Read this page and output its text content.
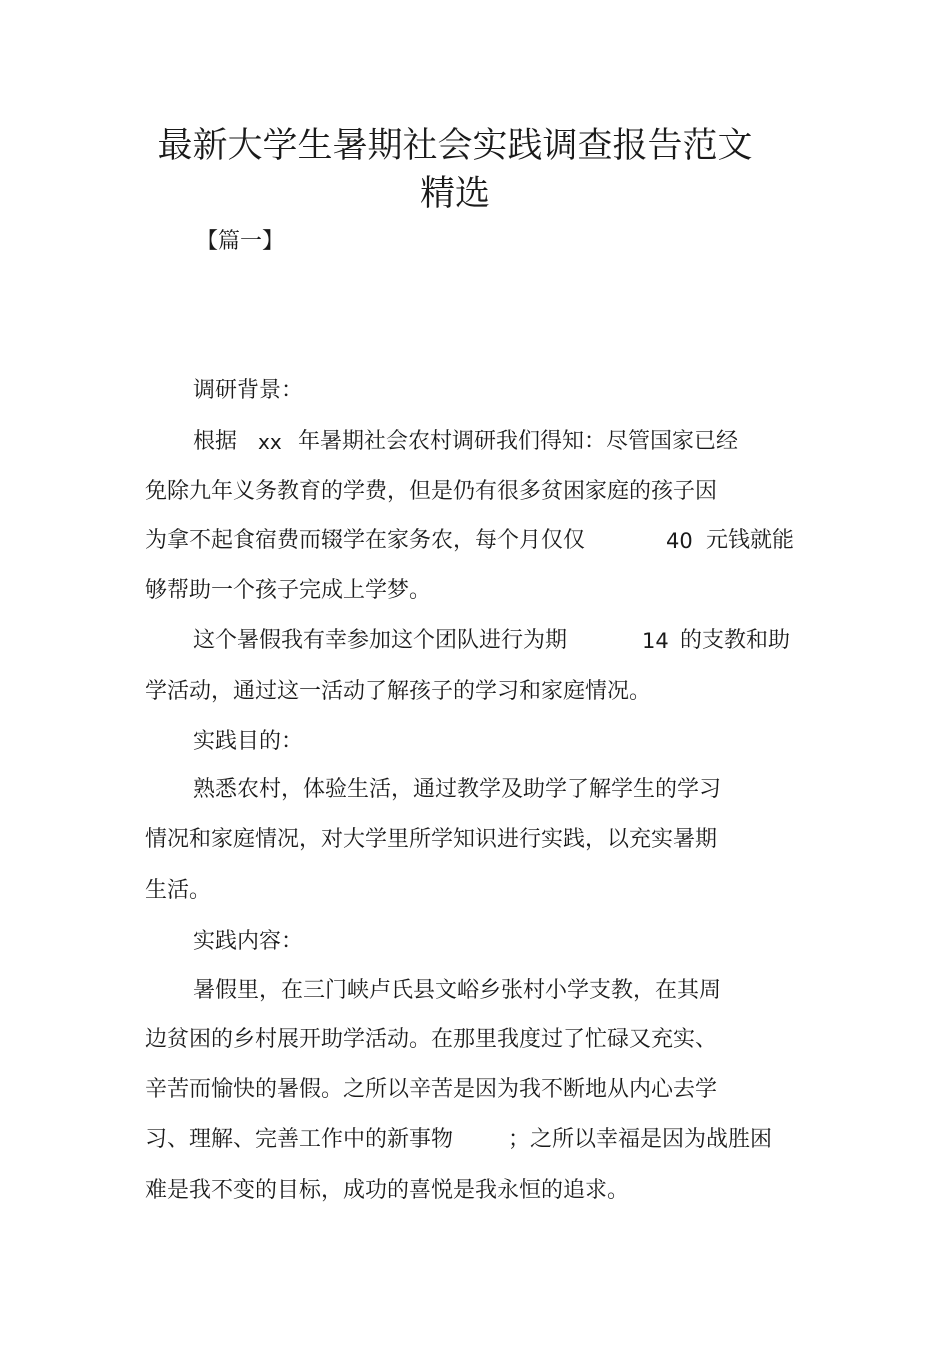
最新大学生暑期社会实践调查报告范文
精选

【篇一】

调研背景：

根据 xx 年暑期社会农村调研我们得知：尽管国家已经

免除九年义务教育的学费，但是仍有很多贫困家庭的孩子因

为拿不起食宿费而辍学在家务农，每个月仅仅	40 元钱就能

够帮助一个孩子完成上学梦。

这个暑假我有幸参加这个团队进行为期	14 的支教和助

学活动，通过这一活动了解孩子的学习和家庭情况。

实践目的：

熟悉农村，体验生活，通过教学及助学了解学生的学习

情况和家庭情况，对大学里所学知识进行实践，以充实暑期

生活。

实践内容：

暑假里，在三门峡卢氏县文峪乡张村小学支教，在其周

边贫困的乡村展开助学活动。在那里我度过了忙碌又充实、

辛苦而愉快的暑假。之所以辛苦是因为我不断地从内心去学

习、理解、完善工作中的新事物 ；之所以幸福是因为战胜困

难是我不变的目标，成功的喜悦是我永恒的追求。
